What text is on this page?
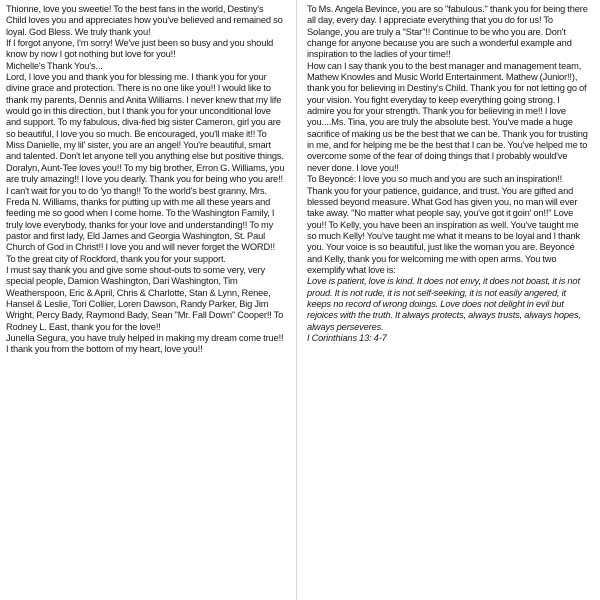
Thionne, love you sweetie! To the best fans in the world, Destiny's Child loves you and appreciates how you've believed and remained so loyal. God Bless. We truly thank you!

If I forgot anyone, I'm sorry! We've just been so busy and you should know by now I got nothing but love for you!!

Michelle's Thank You's...

Lord, I love you and thank you for blessing me. I thank you for your divine grace and protection. There is no one like you!! I would like to thank my parents, Dennis and Anita Williams. I never knew that my life would go in this direction, but I thank you for your unconditional love and support. To my fabulous, diva-fied big sister Cameron, girl you are so beautiful, I love you so much. Be encouraged, you'll make it!! To Miss Danielle, my lil' sister, you are an angel! You're beautiful, smart and talented. Don't let anyone tell you anything else but positive things. Doralyn, Aunt-Tee loves you!! To my big brother, Erron G. Williams, you are truly amazing!! I love you dearly. Thank you for being who you are!! I can't wait for you to do 'yo thang!! To the world's best granny, Mrs. Freda N. Williams, thanks for putting up with me all these years and feeding me so good when I come home. To the Washington Family, I truly love everybody, thanks for your love and understanding!! To my pastor and first lady, Eld James and Georgia Washington, St. Paul Church of God in Christ!! I love you and will never forget the WORD!! To the great city of Rockford, thank you for your support.

I must say thank you and give some shout-outs to some very, very special people, Damion Washington, Dari Washington, Tim Weatherspoon, Eric & April, Chris & Charlotte, Stan & Lynn, Renee, Hansel & Leslie, Tori Collier, Loren Dawson, Randy Parker, Big Jim Wright, Percy Bady, Raymond Bady, Sean "Mr. Fall Down" Cooper!! To Rodney L. East, thank you for the love!!

Junella Segura, you have truly helped in making my dream come true!! I thank you from the bottom of my heart, love you!!

To Ms. Angela Bevince, you are so "fabulous." thank you for being there all day, every day. I appreciate everything that you do for us! To Solange, you are truly a "Star"!! Continue to be who you are. Don't change for anyone because you are such a wonderful example and inspiration to the ladies of your time!!

How can I say thank you to the best manager and management team, Mathew Knowles and Music World Entertainment. Mathew (Junior!!), thank you for believing in Destiny's Child. Thank you for not letting go of your vision. You fight everyday to keep everything going strong. I admire you for your strength. Thank you for believing in me!! I love you....Ms. Tina, you are truly the absolute best. You've made a huge sacrifice of making us be the best that we can be. Thank you for trusting in me, and for helping me be the best that I can be. You've helped me to overcome some of the fear of doing things that I probably would've never done. I love you!!

To Beyoncé: I love you so much and you are such an inspiration!! Thank you for your patience, guidance, and trust. You are gifted and blessed beyond measure. What God has given you, no man will ever take away. "No matter what people say, you've got it goin' on!!" Love you!! To Kelly, you have been an inspiration as well. You've taught me so much Kelly! You've taught me what it means to be loyal and I thank you. Your voice is so beautiful, just like the woman you are. Beyoncé and Kelly, thank you for welcoming me with open arms. You two exemplify what love is:

Love is patient, love is kind. It does not envy, it does not boast, it is not proud. It is not rude, it is not self-seeking, it is not easily angered, it keeps no record of wrong doings. Love does not delight in evil but rejoices with the truth. It always protects, always trusts, always hopes, always perseveres.

I Corinthians 13: 4-7
